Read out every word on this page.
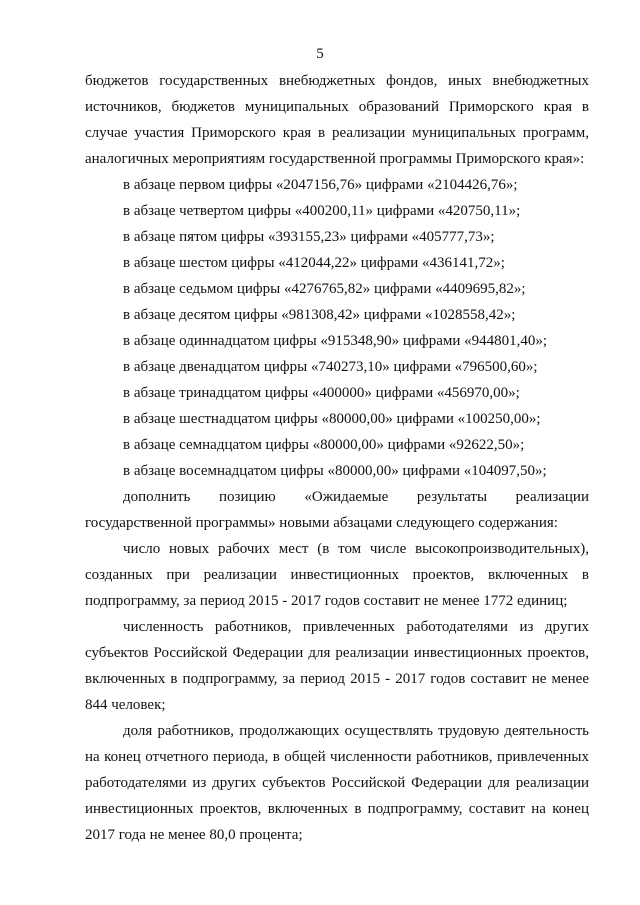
5

бюджетов государственных внебюджетных фондов, иных внебюджетных источников, бюджетов муниципальных образований Приморского края в случае участия Приморского края в реализации муниципальных программ, аналогичных мероприятиям государственной программы Приморского края»:

в абзаце первом цифры «2047156,76» цифрами «2104426,76»;

в абзаце четвертом цифры «400200,11» цифрами «420750,11»;

в абзаце пятом цифры «393155,23» цифрами «405777,73»;

в абзаце шестом цифры «412044,22» цифрами «436141,72»;

в абзаце седьмом цифры «4276765,82» цифрами «4409695,82»;

в абзаце десятом цифры «981308,42» цифрами «1028558,42»;

в абзаце одиннадцатом цифры «915348,90» цифрами «944801,40»;

в абзаце двенадцатом цифры «740273,10» цифрами «796500,60»;

в абзаце тринадцатом цифры «400000» цифрами «456970,00»;

в абзаце шестнадцатом цифры «80000,00» цифрами «100250,00»;

в абзаце семнадцатом цифры «80000,00» цифрами «92622,50»;

в абзаце восемнадцатом цифры «80000,00» цифрами «104097,50»;

дополнить позицию «Ожидаемые результаты реализации государственной программы» новыми абзацами следующего содержания:

число новых рабочих мест (в том числе высокопроизводительных), созданных при реализации инвестиционных проектов, включенных в подпрограмму, за период 2015 - 2017 годов составит не менее 1772 единиц;

численность работников, привлеченных работодателями из других субъектов Российской Федерации для реализации инвестиционных проектов, включенных в подпрограмму, за период 2015 - 2017 годов составит не менее 844 человек;

доля работников, продолжающих осуществлять трудовую деятельность на конец отчетного периода, в общей численности работников, привлеченных работодателями из других субъектов Российской Федерации для реализации инвестиционных проектов, включенных в подпрограмму, составит на конец 2017 года не менее 80,0 процента;
